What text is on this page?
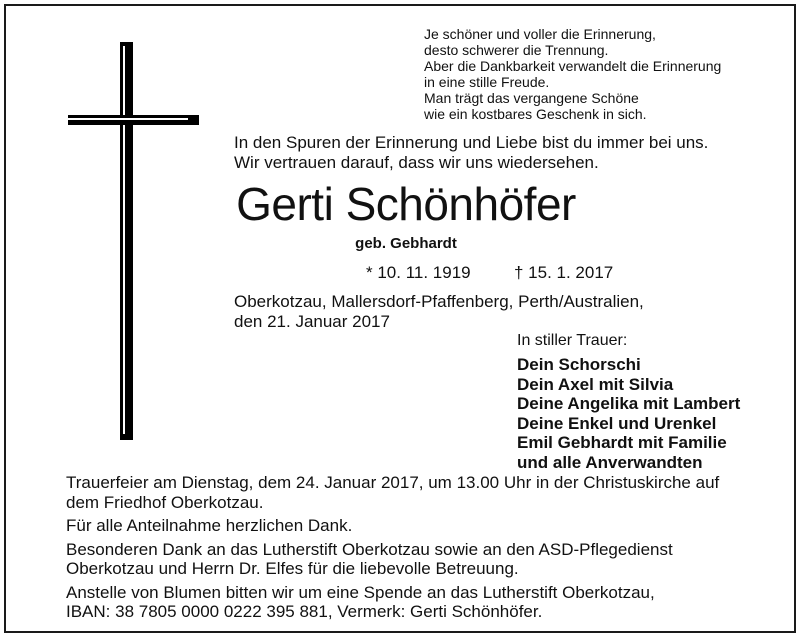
Je schöner und voller die Erinnerung,
desto schwerer die Trennung.
Aber die Dankbarkeit verwandelt die Erinnerung
in eine stille Freude.
Man trägt das vergangene Schöne
wie ein kostbares Geschenk in sich.
In den Spuren der Erinnerung und Liebe bist du immer bei uns.
Wir vertrauen darauf, dass wir uns wiedersehen.
Gerti Schönhöfer
geb. Gebhardt
* 10. 11. 1919	† 15. 1. 2017
Oberkotzau, Mallersdorf-Pfaffenberg, Perth/Australien,
den 21. Januar 2017
In stiller Trauer:
Dein Schorschi
Dein Axel mit Silvia
Deine Angelika mit Lambert
Deine Enkel und Urenkel
Emil Gebhardt mit Familie
und alle Anverwandten
Trauerfeier am Dienstag, dem 24. Januar 2017, um 13.00 Uhr in der Christuskirche auf
dem Friedhof Oberkotzau.
Für alle Anteilnahme herzlichen Dank.
Besonderen Dank an das Lutherstift Oberkotzau sowie an den ASD-Pflegedienst
Oberkotzau und Herrn Dr. Elfes für die liebevolle Betreuung.
Anstelle von Blumen bitten wir um eine Spende an das Lutherstift Oberkotzau,
IBAN: 38 7805 0000 0222 395 881, Vermerk: Gerti Schönhöfer.
